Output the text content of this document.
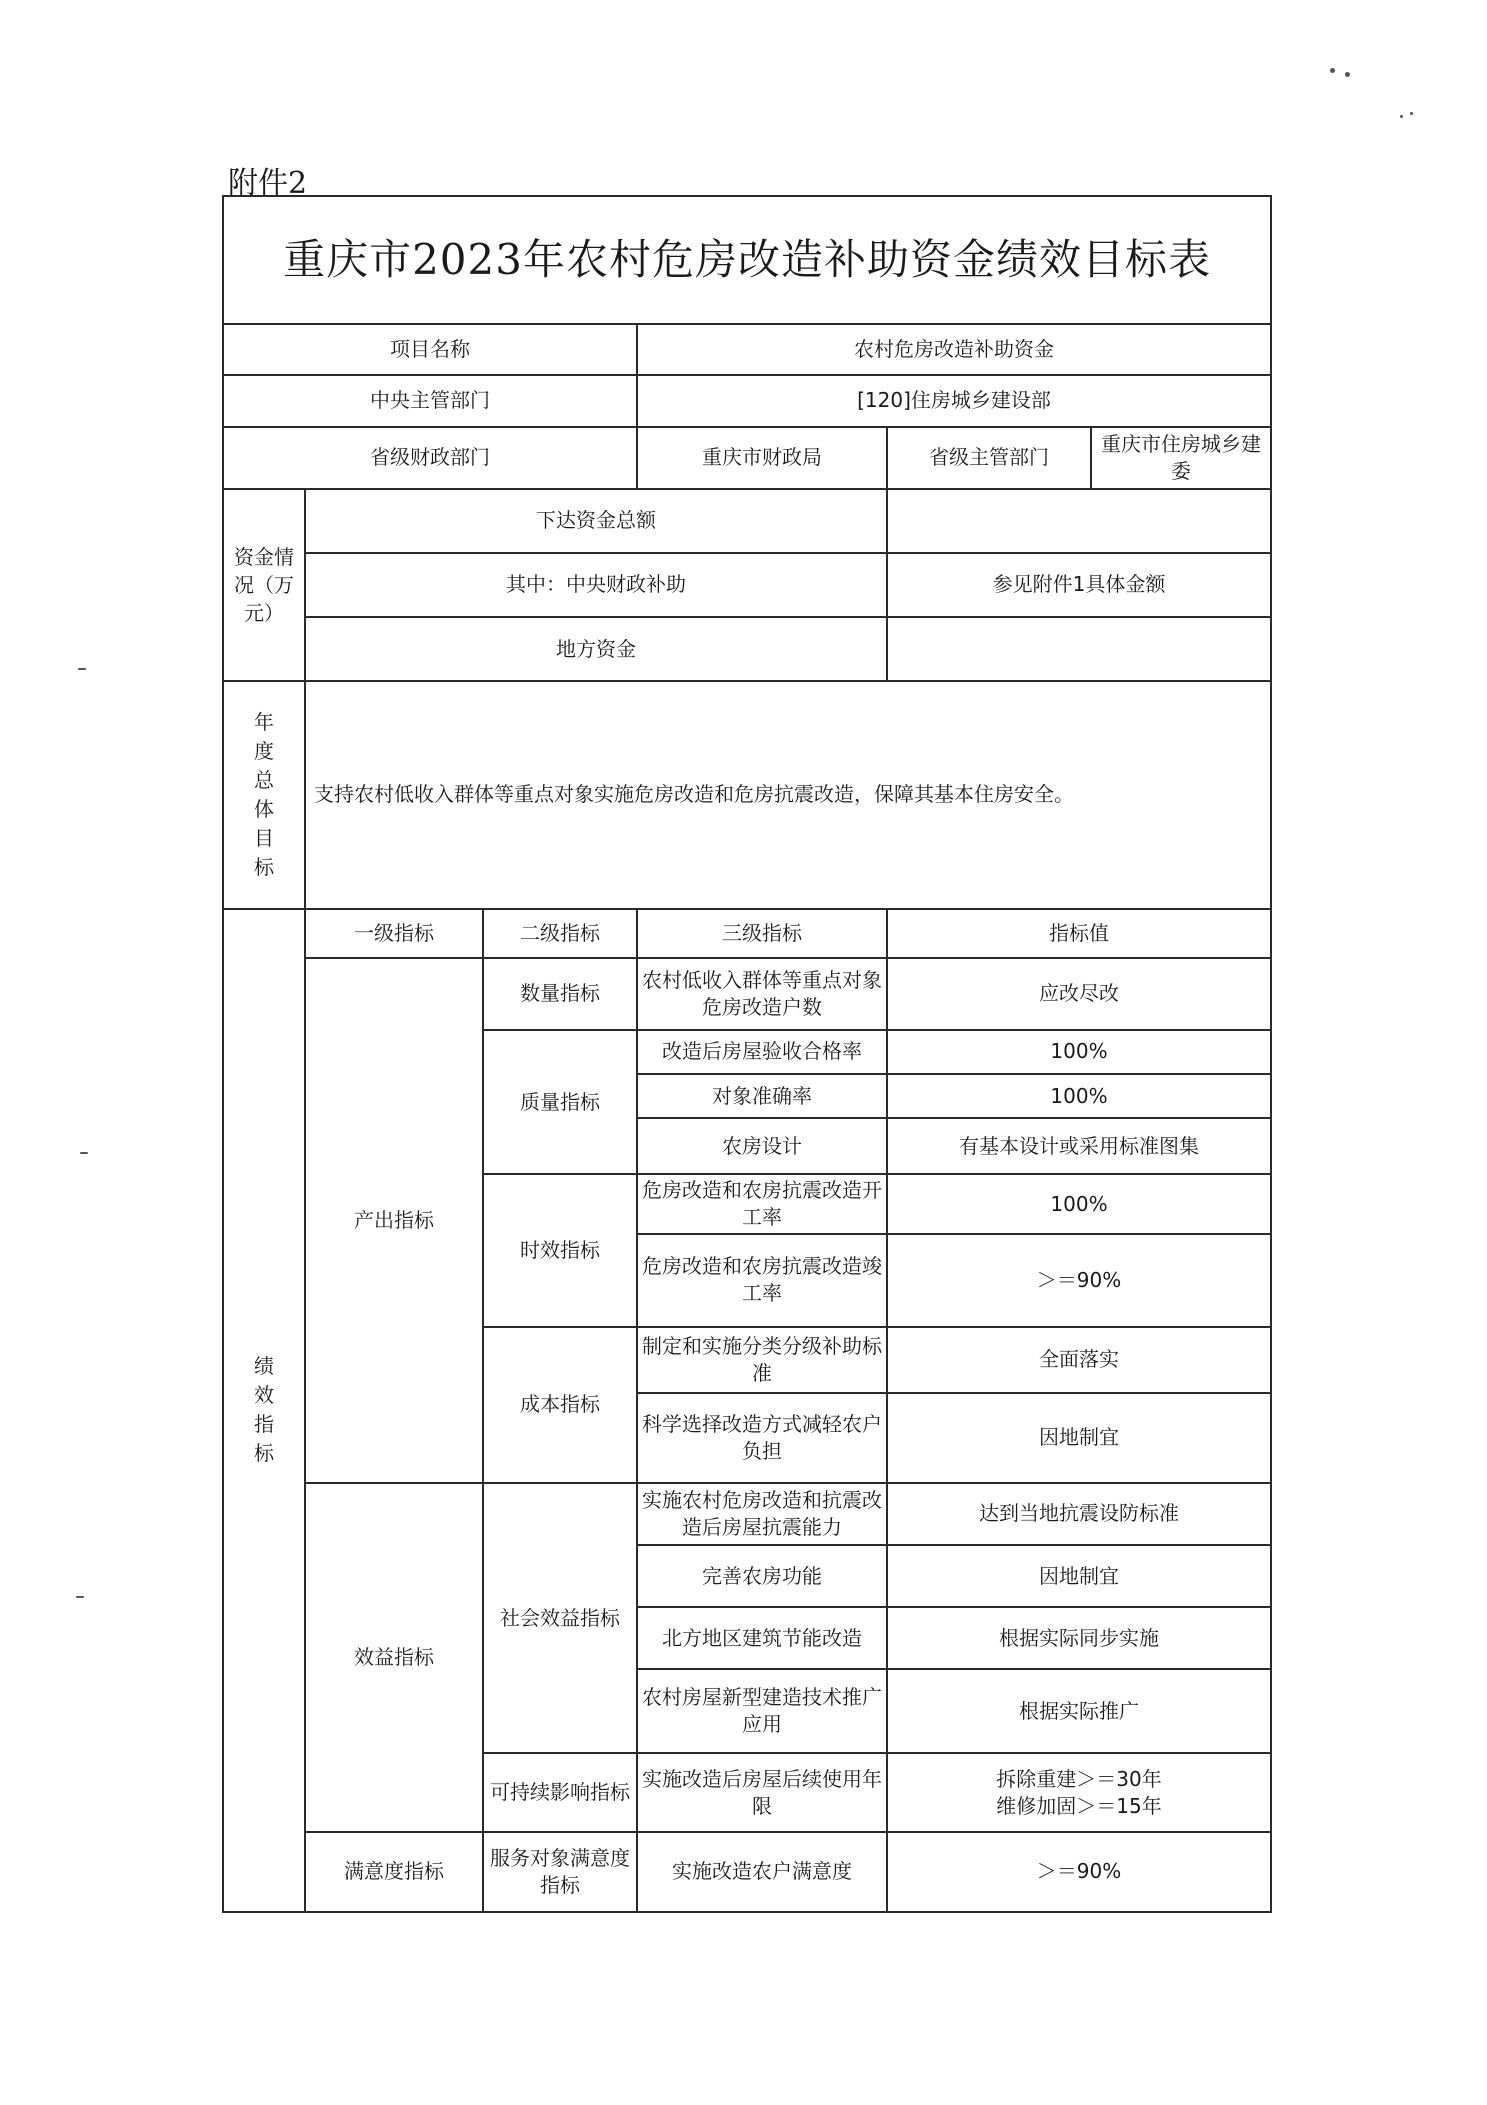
附件2
重庆市2023年农村危房改造补助资金绩效目标表					
项目名称			农村危房改造补助资金		
中央主管部门			[120]住房城乡建设部		
省级财政部门			重庆市财政局	省级主管部门	重庆市住房城乡建委
资金情况（万元）	下达资金总额				
	其中：中央财政补助			参见附件1具体金额	
	地方资金				
年度总体目标	支持农村低收入群体等重点对象实施危房改造和危房抗震改造，保障其基本住房安全。				
绩效指标	一级指标	二级指标	三级指标	指标值	
	产出指标	数量指标	农村低收入群体等重点对象危房改造户数	应改尽改	
		质量指标	改造后房屋验收合格率	100%	
			对象准确率	100%	
			农房设计	有基本设计或采用标准图集	
		时效指标	危房改造和农房抗震改造开工率	100%	
			危房改造和农房抗震改造竣工率	＞＝90%	
		成本指标	制定和实施分类分级补助标准	全面落实	
			科学选择改造方式减轻农户负担	因地制宜	
	效益指标	社会效益指标	实施农村危房改造和抗震改造后房屋抗震能力	达到当地抗震设防标准	
			完善农房功能	因地制宜	
			北方地区建筑节能改造	根据实际同步实施	
			农村房屋新型建造技术推广应用	根据实际推广	
		可持续影响指标	实施改造后房屋后续使用年限	拆除重建＞＝30年
维修加固＞＝15年	

	满意度指标	服务对象满意度指标	实施改造农户满意度	＞＝90%	
